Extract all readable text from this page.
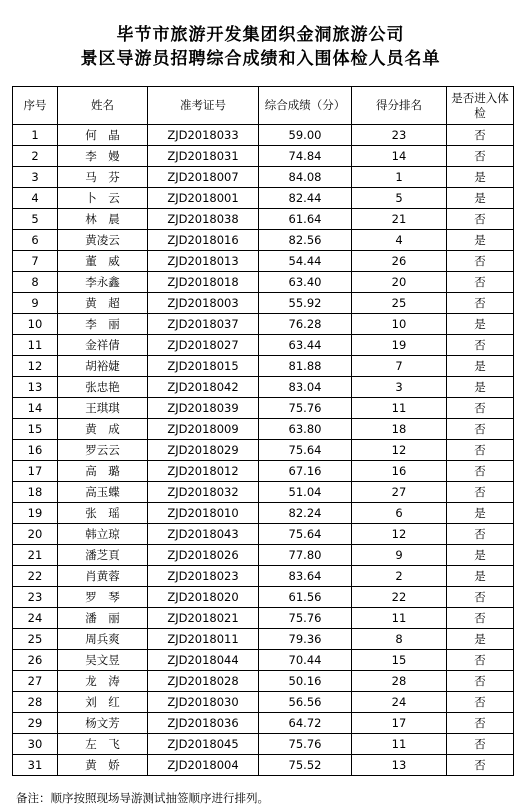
毕节市旅游开发集团织金洞旅游公司
景区导游员招聘综合成绩和入围体检人员名单
序号	姓名	准考证号	综合成绩（分）	得分排名	是否进入体检
1	何　晶	ZJD2018033	59.00	23	否
2	李　嫚	ZJD2018031	74.84	14	否
3	马　芬	ZJD2018007	84.08	1	是
4	卜　云	ZJD2018001	82.44	5	是
5	林　晨	ZJD2018038	61.64	21	否
6	黄凌云	ZJD2018016	82.56	4	是
7	董　威	ZJD2018013	54.44	26	否
8	李永鑫	ZJD2018018	63.40	20	否
9	黄　超	ZJD2018003	55.92	25	否
10	李　丽	ZJD2018037	76.28	10	是
11	金祥倩	ZJD2018027	63.44	19	否
12	胡裕婕	ZJD2018015	81.88	7	是
13	张忠艳	ZJD2018042	83.04	3	是
14	王琪琪	ZJD2018039	75.76	11	否
15	黄　成	ZJD2018009	63.80	18	否
16	罗云云	ZJD2018029	75.64	12	否
17	高　璐	ZJD2018012	67.16	16	否
18	高玉蝶	ZJD2018032	51.04	27	否
19	张　瑶	ZJD2018010	82.24	6	是
20	韩立琼	ZJD2018043	75.64	12	否
21	潘芝頁	ZJD2018026	77.80	9	是
22	肖黄蓉	ZJD2018023	83.64	2	是
23	罗　琴	ZJD2018020	61.56	22	否
24	潘　丽	ZJD2018021	75.76	11	否
25	周兵爽	ZJD2018011	79.36	8	是
26	吴文昱	ZJD2018044	70.44	15	否
27	龙　涛	ZJD2018028	50.16	28	否
28	刘　红	ZJD2018030	56.56	24	否
29	杨文芳	ZJD2018036	64.72	17	否
30	左　飞	ZJD2018045	75.76	11	否
31	黄　娇	ZJD2018004	75.52	13	否
备注：顺序按照现场导游测试抽签顺序进行排列。
